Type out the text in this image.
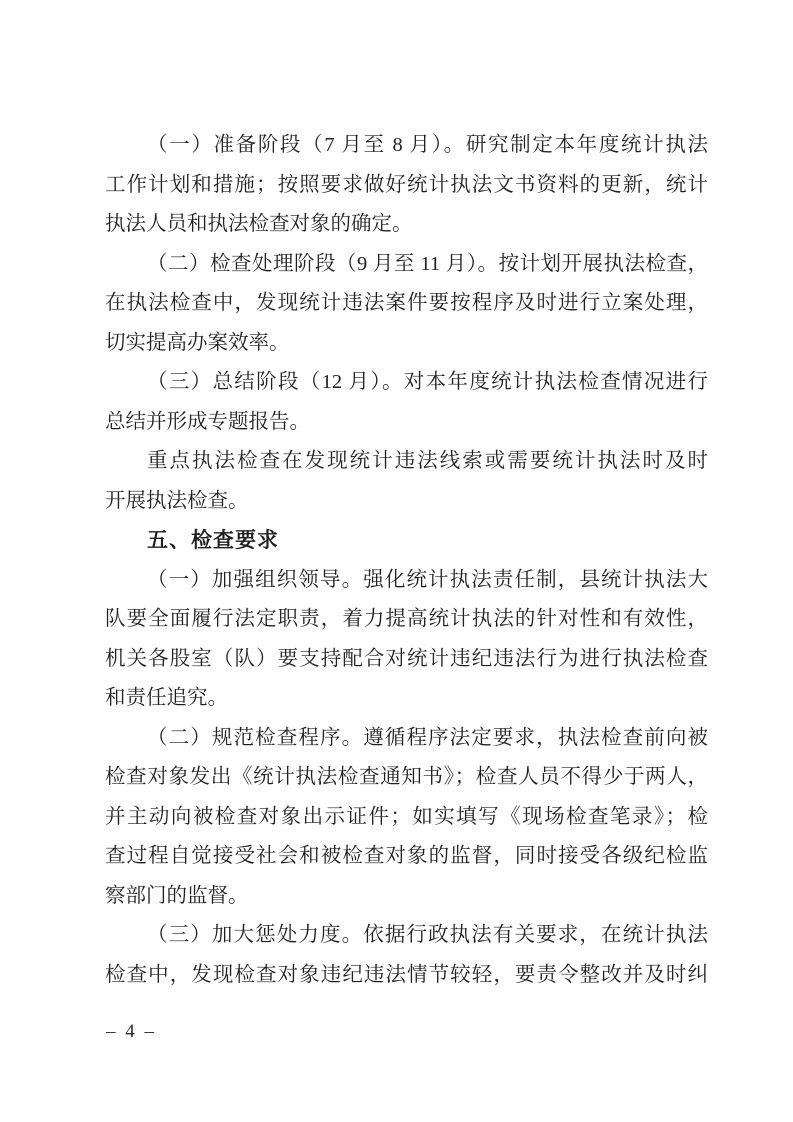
（一）准备阶段（7 月至 8 月）。研究制定本年度统计执法
工作计划和措施；按照要求做好统计执法文书资料的更新，统计
执法人员和执法检查对象的确定。
（二）检查处理阶段（9 月至 11 月）。按计划开展执法检查，
在执法检查中，发现统计违法案件要按程序及时进行立案处理，
切实提高办案效率。
（三）总结阶段（12 月）。对本年度统计执法检查情况进行
总结并形成专题报告。
重点执法检查在发现统计违法线索或需要统计执法时及时
开展执法检查。
五、检查要求
（一）加强组织领导。强化统计执法责任制，县统计执法大
队要全面履行法定职责，着力提高统计执法的针对性和有效性，
机关各股室（队）要支持配合对统计违纪违法行为进行执法检查
和责任追究。
（二）规范检查程序。遵循程序法定要求，执法检查前向被
检查对象发出《统计执法检查通知书》；检查人员不得少于两人，
并主动向被检查对象出示证件；如实填写《现场检查笔录》；检
查过程自觉接受社会和被检查对象的监督，同时接受各级纪检监
察部门的监督。
（三）加大惩处力度。依据行政执法有关要求，在统计执法
检查中，发现检查对象违纪违法情节较轻，要责令整改并及时纠
– 4 –
